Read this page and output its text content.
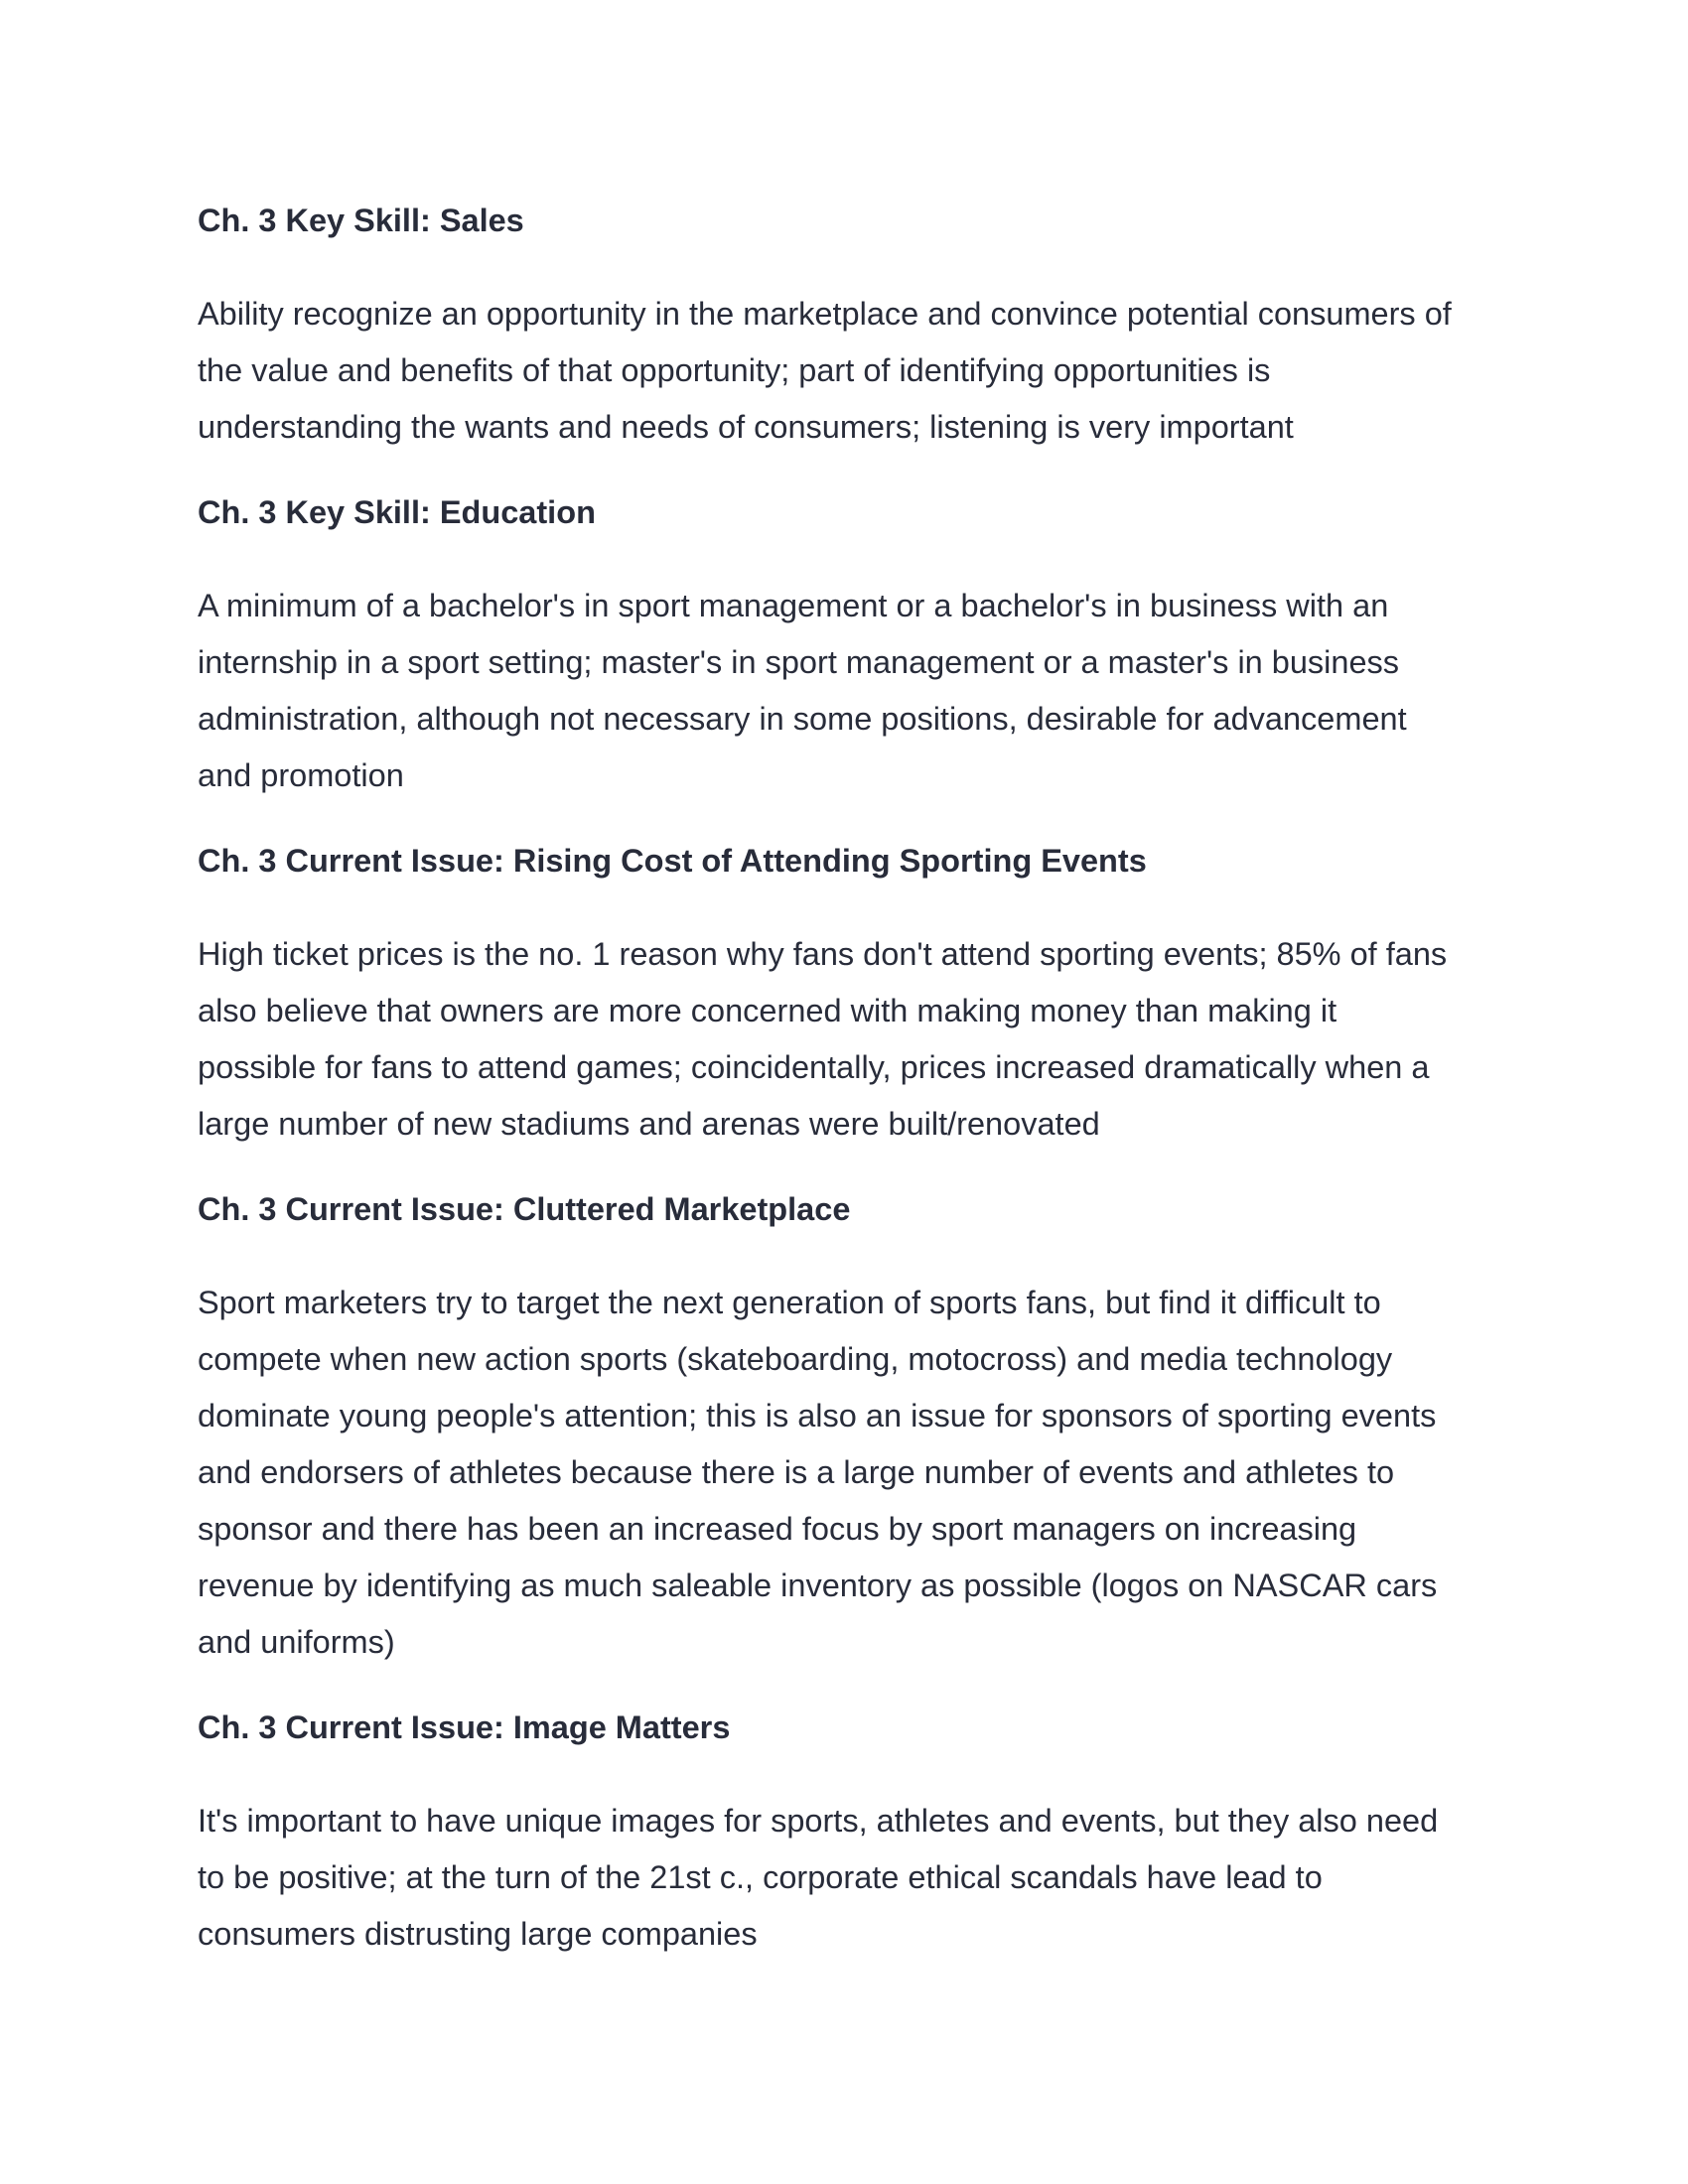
Ch. 3 Key Skill: Sales

Ability recognize an opportunity in the marketplace and convince potential consumers of
the value and benefits of that opportunity; part of identifying opportunities is
understanding the wants and needs of consumers; listening is very important

Ch. 3 Key Skill: Education

A minimum of a bachelor's in sport management or a bachelor's in business with an
internship in a sport setting; master's in sport management or a master's in business
administration, although not necessary in some positions, desirable for advancement
and promotion

Ch. 3 Current Issue: Rising Cost of Attending Sporting Events

High ticket prices is the no. 1 reason why fans don't attend sporting events; 85% of fans
also believe that owners are more concerned with making money than making it
possible for fans to attend games; coincidentally, prices increased dramatically when a
large number of new stadiums and arenas were built/renovated

Ch. 3 Current Issue: Cluttered Marketplace

Sport marketers try to target the next generation of sports fans, but find it difficult to
compete when new action sports (skateboarding, motocross) and media technology
dominate young people's attention; this is also an issue for sponsors of sporting events
and endorsers of athletes because there is a large number of events and athletes to
sponsor and there has been an increased focus by sport managers on increasing
revenue by identifying as much saleable inventory as possible (logos on NASCAR cars
and uniforms)

Ch. 3 Current Issue: Image Matters

It's important to have unique images for sports, athletes and events, but they also need
to be positive; at the turn of the 21st c., corporate ethical scandals have lead to
consumers distrusting large companies
